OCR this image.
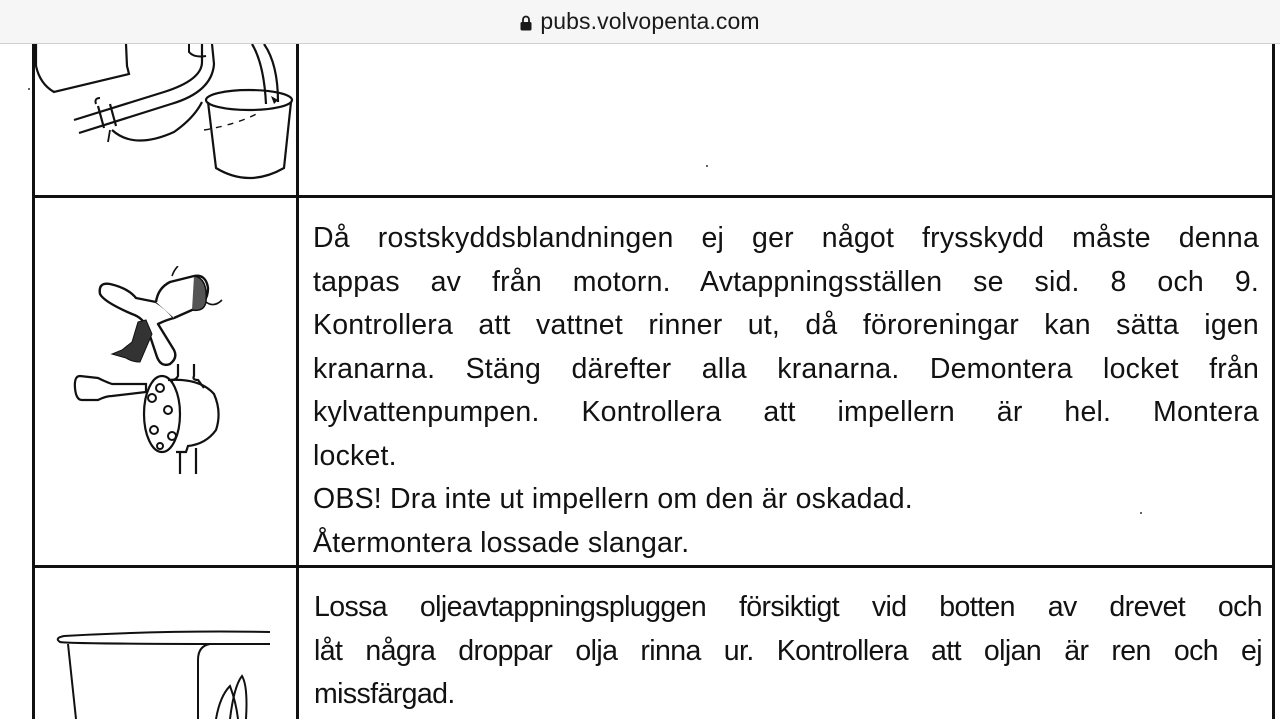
pubs.volvopenta.com
Då rostskyddsblandningen ej ger något frysskydd måste denna
tappas av från motorn. Avtappningsställen se sid. 8 och 9.
Kontrollera att vattnet rinner ut, då föroreningar kan sätta igen
kranarna. Stäng därefter alla kranarna. Demontera locket från
kylvattenpumpen. Kontrollera att impellern är hel. Montera
locket.
OBS! Dra inte ut impellern om den är oskadad.
Återmontera lossade slangar.
Lossa oljeavtappningspluggen försiktigt vid botten av drevet och
låt några droppar olja rinna ur. Kontrollera att oljan är ren och ej
missfärgad.
